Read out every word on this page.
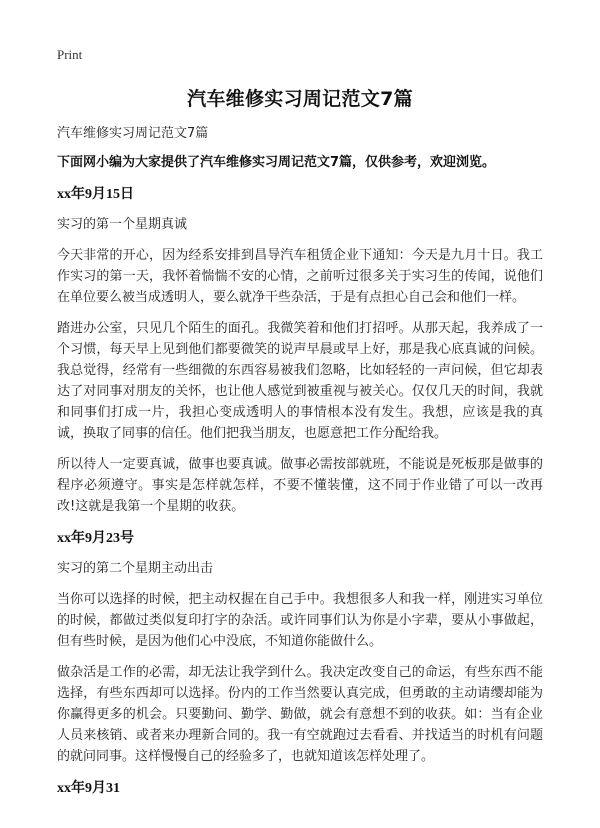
Print
汽车维修实习周记范文7篇
汽车维修实习周记范文7篇
下面网小编为大家提供了汽车维修实习周记范文7篇，仅供参考，欢迎浏览。
xx年9月15日
实习的第一个星期真诚

今天非常的开心，因为经系安排到昌导汽车租赁企业下通知：今天是九月十日。我工作实习的第一天，我怀着惴惴不安的心情，之前听过很多关于实习生的传闻，说他们在单位要么被当成透明人，要么就净干些杂活，于是有点担心自己会和他们一样。

踏进办公室，只见几个陌生的面孔。我微笑着和他们打招呼。从那天起，我养成了一个习惯，每天早上见到他们都要微笑的说声早晨或早上好，那是我心底真诚的问候。我总觉得，经常有一些细微的东西容易被我们忽略，比如轻轻的一声问候，但它却表达了对同事对朋友的关怀，也让他人感觉到被重视与被关心。仅仅几天的时间，我就和同事们打成一片，我担心变成透明人的事情根本没有发生。我想，应该是我的真诚，换取了同事的信任。他们把我当朋友，也愿意把工作分配给我。

所以待人一定要真诚，做事也要真诚。做事必需按部就班，不能说是死板那是做事的程序必须遵守。事实是怎样就怎样，不要不懂装懂，这不同于作业错了可以一改再改!这就是我第一个星期的收获。

xx年9月23号
实习的第二个星期主动出击

当你可以选择的时候，把主动权握在自己手中。我想很多人和我一样，刚进实习单位的时候，都做过类似复印打字的杂活。或许同事们认为你是小字辈，要从小事做起，但有些时候，是因为他们心中没底，不知道你能做什么。

做杂活是工作的必需，却无法让我学到什么。我决定改变自己的命运，有些东西不能选择，有些东西却可以选择。份内的工作当然要认真完成，但勇敢的主动请缨却能为你赢得更多的机会。只要勤问、勤学、勤做，就会有意想不到的收获。如：当有企业人员来核销、或者来办理新合同的。我一有空就跑过去看看、并找适当的时机有问题的就问同事。这样慢慢自己的经验多了，也就知道该怎样处理了。

xx年9月31
